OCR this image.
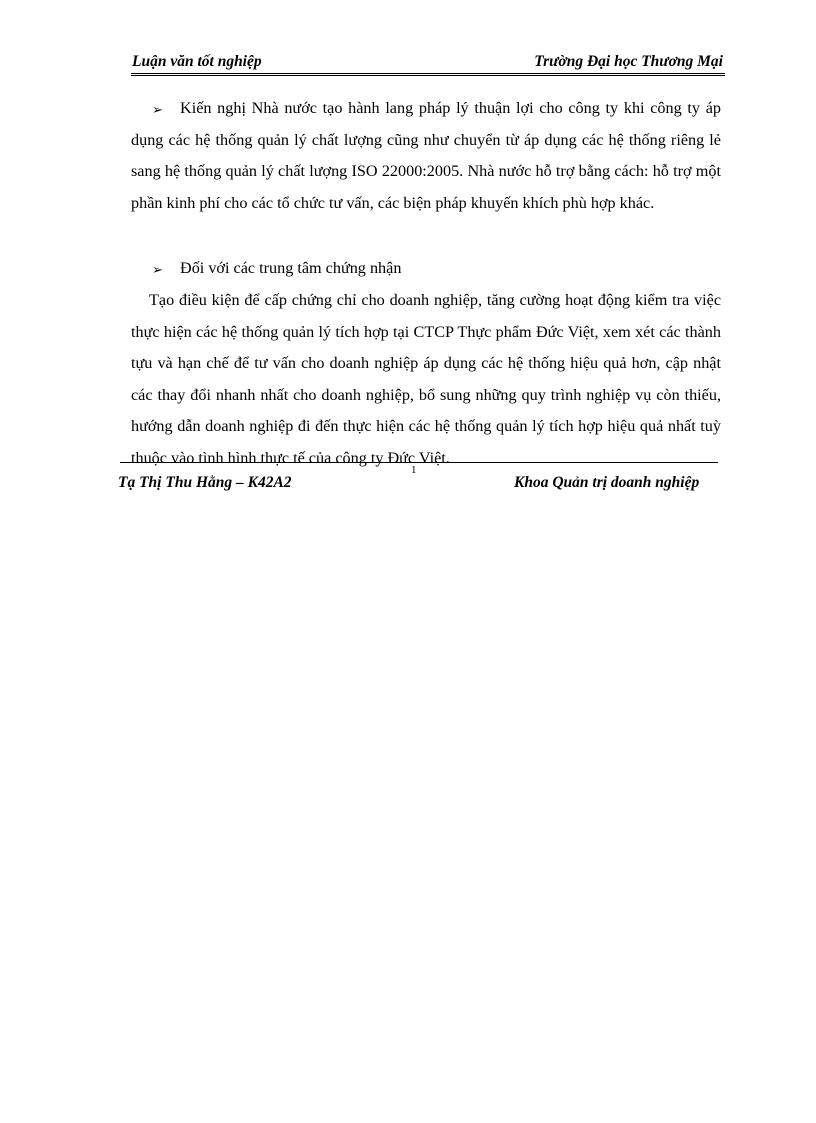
Luận văn tốt nghiệp	Trường Đại học Thương Mại
➢	Kiến nghị Nhà nước tạo hành lang pháp lý thuận lợi cho công ty khi công ty áp dụng các hệ thống quản lý chất lượng cũng như chuyển từ áp dụng các hệ thống riêng lẻ sang hệ thống quản lý chất lượng ISO 22000:2005. Nhà nước hỗ trợ bằng cách: hỗ trợ một phần kinh phí cho các tổ chức tư vấn, các biện pháp khuyến khích phù hợp khác.

➢	Đối với các trung tâm chứng nhận

Tạo điều kiện để cấp chứng chỉ cho doanh nghiệp, tăng cường hoạt động kiểm tra việc thực hiện các hệ thống quản lý tích hợp tại CTCP Thực phẩm Đức Việt, xem xét các thành tựu và hạn chế để tư vấn cho doanh nghiệp áp dụng các hệ thống hiệu quả hơn, cập nhật các thay đổi nhanh nhất cho doanh nghiệp, bổ sung những quy trình nghiệp vụ còn thiếu, hướng dẫn doanh nghiệp đi đến thực hiện các hệ thống quản lý tích hợp hiệu quả nhất tuỳ thuộc vào tình hình thực tế của công ty Đức Việt.

1
Tạ Thị Thu Hằng – K42A2	Khoa Quản trị doanh nghiệp
